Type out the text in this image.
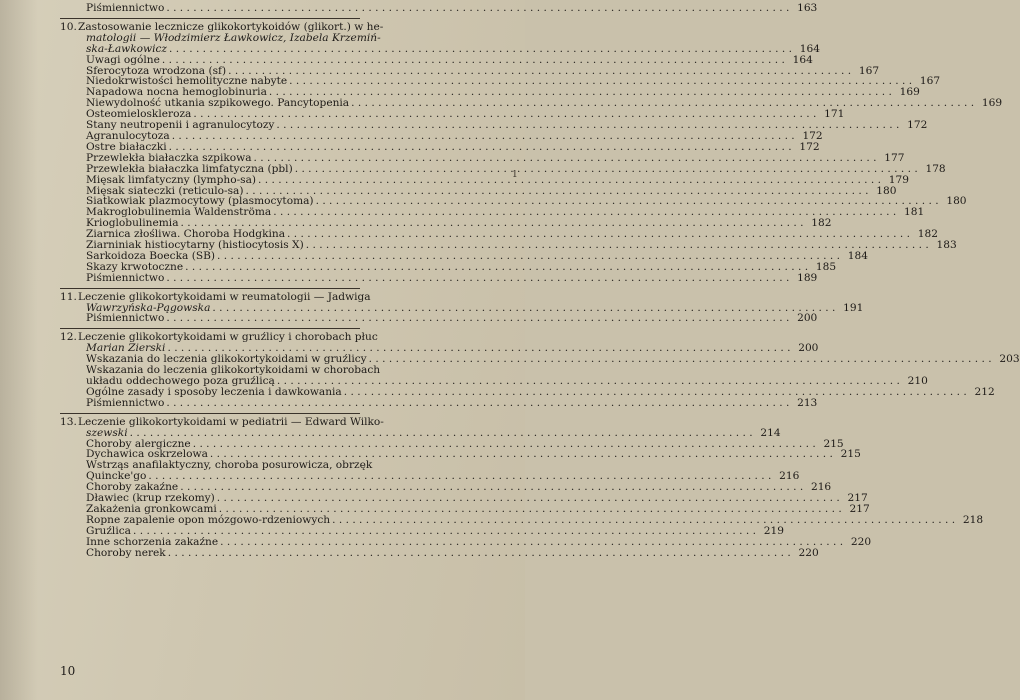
Piśmiennictwo . . .	163
10. Zastosowanie lecznicze glikokortykoidów (glikort.) w he-
matologii — Włodzimierz Ławkowicz, Izabela Krzemiń-
ska-Ławkowicz . . .	164
Uwagi ogólne . . .	164
Sferocytoza wrodzona (sf) . . .	167
Niedokrwistości hemolityczne nabyte . . .	167
Napadowa nocna hemoglobinuria . . .	169
Niewydolność utkania szpikowego. Pancytopenia . . .	169
Osteomieloskleroza . . .	171
Stany neutropenii i agranulocytozy . . .	172
Agranulocytoza . . .	172
Ostre białaczki . . .	172
Przewlekła białaczka szpikowa . . .	177
Przewlekła białaczka limfatyczna (pbl) . . .	178
Mięsak limfatyczny (lympho-sa) . . .	179
Mięsak siateczki (reticulo-sa) . . .	180
Siatkowiak plazmocytowy (plasmocytoma) . . .	180
Makroglobulinemia Waldenströma . . .	181
Krioglobulinemia . . .	182
Ziarnica złośliwa. Choroba Hodgkina . . .	182
Ziarniniak histiocytarny (histiocytosis X) . . .	183
Sarkoidoza Boecka (SB) . . .	184
Skazy krwotoczne . . .	185
Piśmiennictwo . . .	189
11. Leczenie glikokortykoidami w reumatologii — Jadwiga
Wawrzyńska-Pągowska . . .	191
Piśmiennictwo . . .	200
12. Leczenie glikokortykoidami w gruźlicy i chorobach płuc
Marian Zierski . . .	200
Wskazania do leczenia glikokortykoidami w gruźlicy . . .	203
Wskazania do leczenia glikokortykoidami w chorobach
układu oddechowego poza gruźlicą . . .	210
Ogólne zasady i sposoby leczenia i dawkowania . . .	212
Piśmiennictwo . . .	213
13. Leczenie glikokortykoidami w pediatrii — Edward Wilko-
szewski . . .	214
Choroby alergiczne . . .	215
Dychawica oskrzelowa . . .	215
Wstrząs anafilaktyczny, choroba posurowicza, obrzęk
Quincke'go . . .	216
Choroby zakaźne . . .	216
Dławiec (krup rzekomy) . . .	217
Zakażenia gronkowcami . . .	217
Ropne zapalenie opon mózgowo-rdzeniowych . . .	218
Gruźlica . . .	219
Inne schorzenia zakaźne . . .	220
Choroby nerek . . .	220
10
1
